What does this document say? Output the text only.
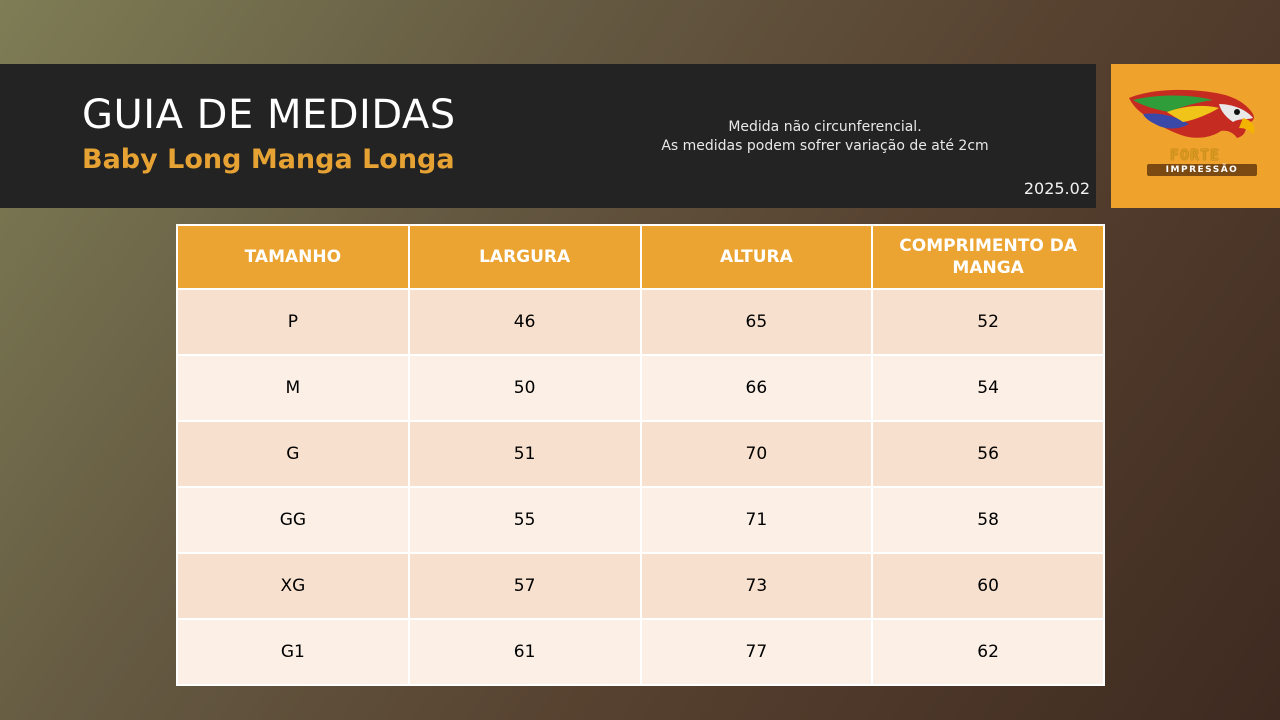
GUIA DE MEDIDAS
Baby Long Manga Longa
Medida não circunferencial.
As medidas podem sofrer variação de até 2cm
2025.02
FORTE
IMPRESSÃO
TAMANHO	LARGURA	ALTURA	COMPRIMENTO DA MANGA
P	46	65	52
M	50	66	54
G	51	70	56
GG	55	71	58
XG	57	73	60
G1	61	77	62
